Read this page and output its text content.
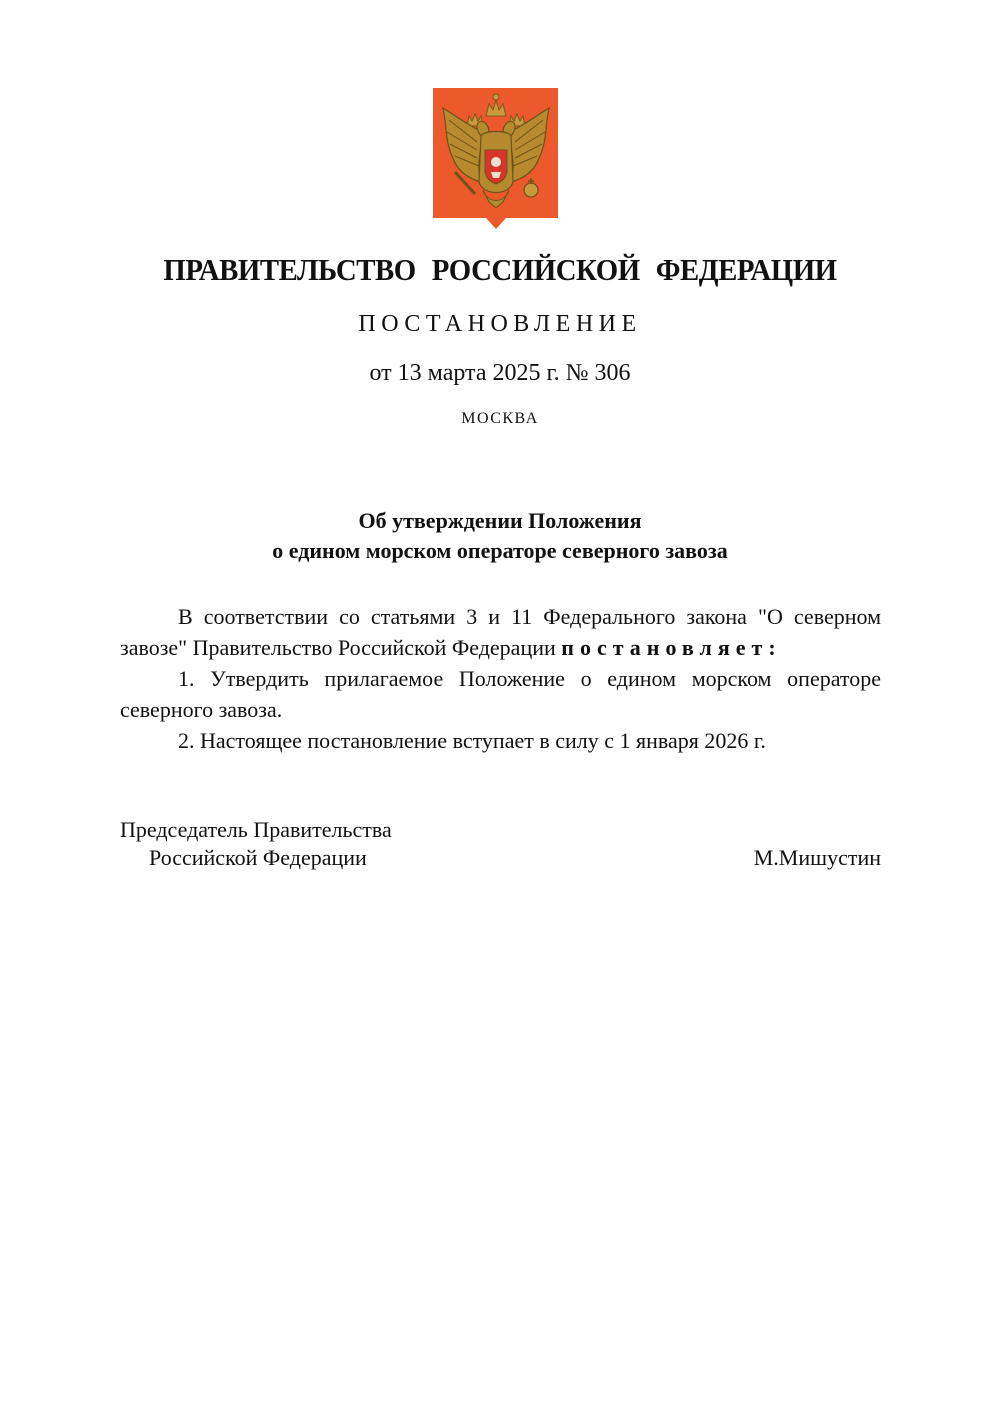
ПРАВИТЕЛЬСТВО РОССИЙСКОЙ ФЕДЕРАЦИИ
ПОСТАНОВЛЕНИЕ
от 13 марта 2025 г. № 306
МОСКВА
Об утверждении Положения
о едином морском операторе северного завоза

В соответствии со статьями 3 и 11 Федерального закона "О северном завозе" Правительство Российской Федерации постановляет:

1. Утвердить прилагаемое Положение о едином морском операторе северного завоза.

2. Настоящее постановление вступает в силу с 1 января 2026 г.

Председатель Правительства
Российской Федерации	М.Мишустин
